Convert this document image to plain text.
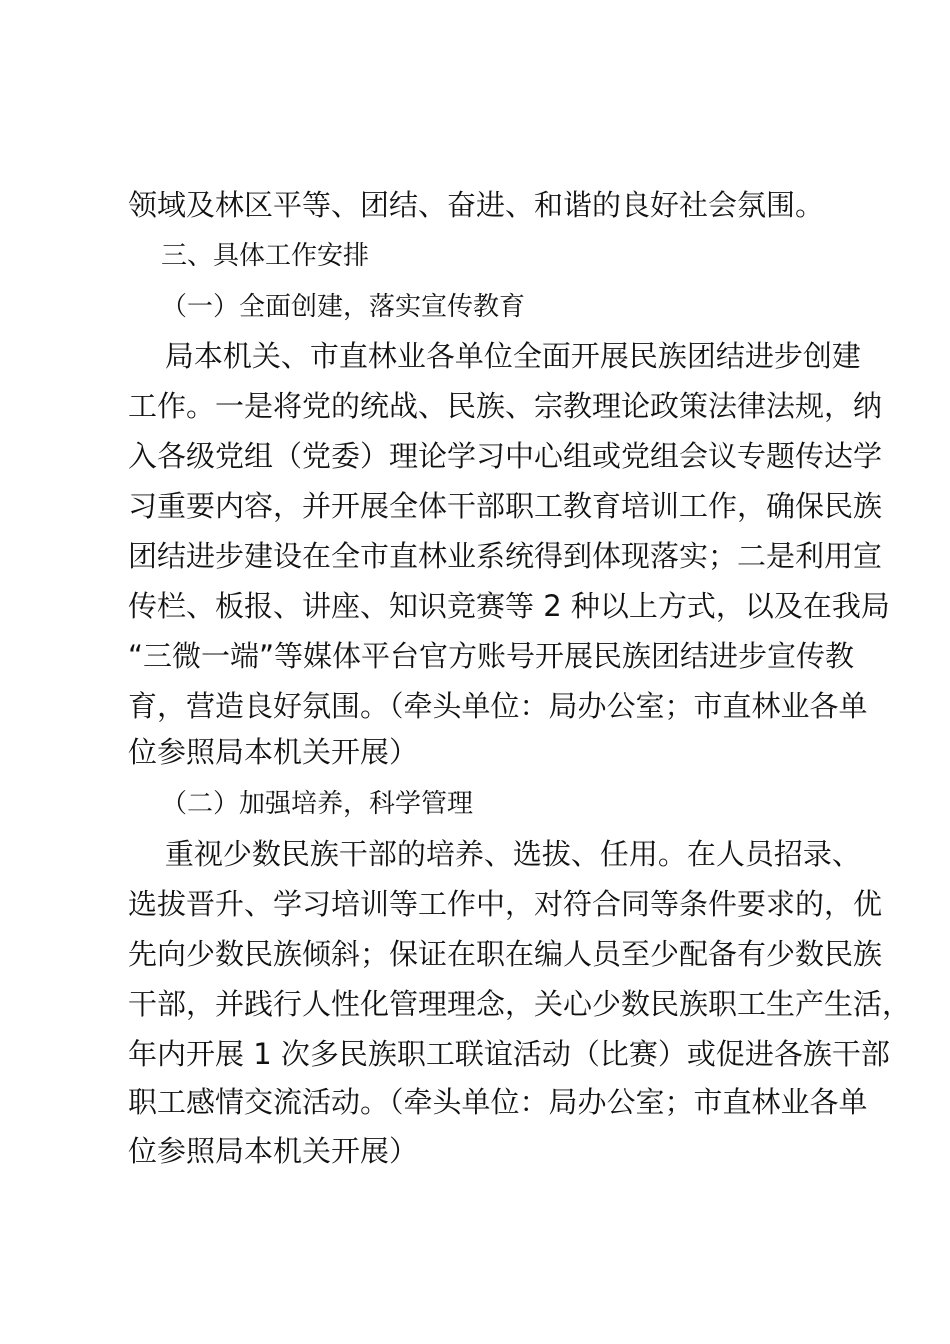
领域及林区平等、团结、奋进、和谐的良好社会氛围。
三、具体工作安排
（一）全面创建，落实宣传教育
局本机关、市直林业各单位全面开展民族团结进步创建
工作。一是将党的统战、民族、宗教理论政策法律法规，纳
入各级党组（党委）理论学习中心组或党组会议专题传达学
习重要内容，并开展全体干部职工教育培训工作，确保民族
团结进步建设在全市直林业系统得到体现落实；二是利用宣
传栏、板报、讲座、知识竞赛等 2 种以上方式，以及在我局
“三微一端”等媒体平台官方账号开展民族团结进步宣传教
育，营造良好氛围。（牵头单位：局办公室；市直林业各单
位参照局本机关开展）
（二）加强培养，科学管理
重视少数民族干部的培养、选拔、任用。在人员招录、
选拔晋升、学习培训等工作中，对符合同等条件要求的，优
先向少数民族倾斜；保证在职在编人员至少配备有少数民族
干部，并践行人性化管理理念，关心少数民族职工生产生活，
年内开展 1 次多民族职工联谊活动（比赛）或促进各族干部
职工感情交流活动。（牵头单位：局办公室；市直林业各单
位参照局本机关开展）
